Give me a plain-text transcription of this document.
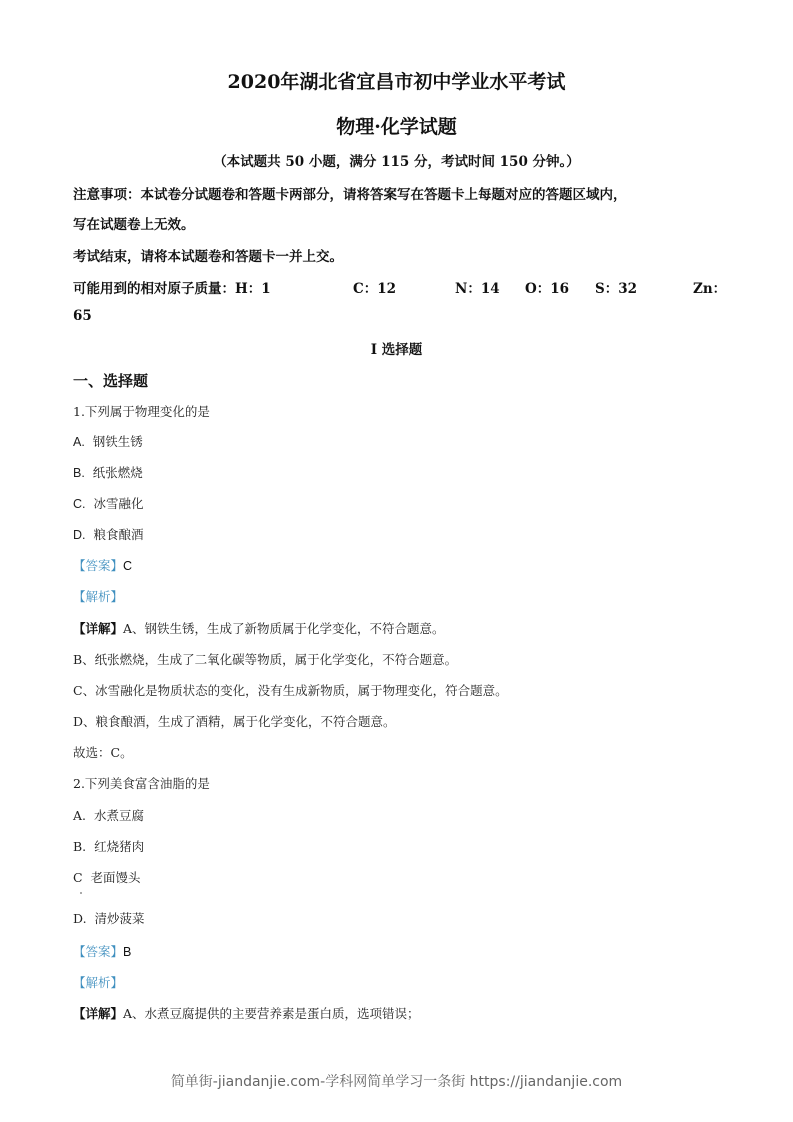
2020年湖北省宜昌市初中学业水平考试
物理·化学试题
（本试题共 50 小题，满分 115 分，考试时间 150 分钟。）
注意事项：本试卷分试题卷和答题卡两部分，请将答案写在答题卡上每题对应的答题区域内，
写在试题卷上无效。
考试结束，请将本试题卷和答题卡一并上交。
可能用到的相对原子质量：H：1	C：12	N：14 O：16 S：32	Zn：
65
I 选择题
一、选择题
1.下列属于物理变化的是
A. 钢铁生锈
B. 纸张燃烧
C. 冰雪融化
D. 粮食酿酒
【答案】C
【解析】
【详解】A、钢铁生锈，生成了新物质属于化学变化，不符合题意。
B、纸张燃烧，生成了二氧化碳等物质，属于化学变化，不符合题意。
C、冰雪融化是物质状态的变化，没有生成新物质，属于物理变化，符合题意。
D、粮食酿酒，生成了酒精，属于化学变化，不符合题意。
故选：C。
2.下列美食富含油脂的是
A. 水煮豆腐
B. 红烧猪肉
C 老面馒头
D. 清炒菠菜
【答案】B
【解析】
【详解】A、水煮豆腐提供的主要营养素是蛋白质，选项错误；
简单街-jiandanjie.com-学科网简单学习一条街 https://jiandanjie.com
